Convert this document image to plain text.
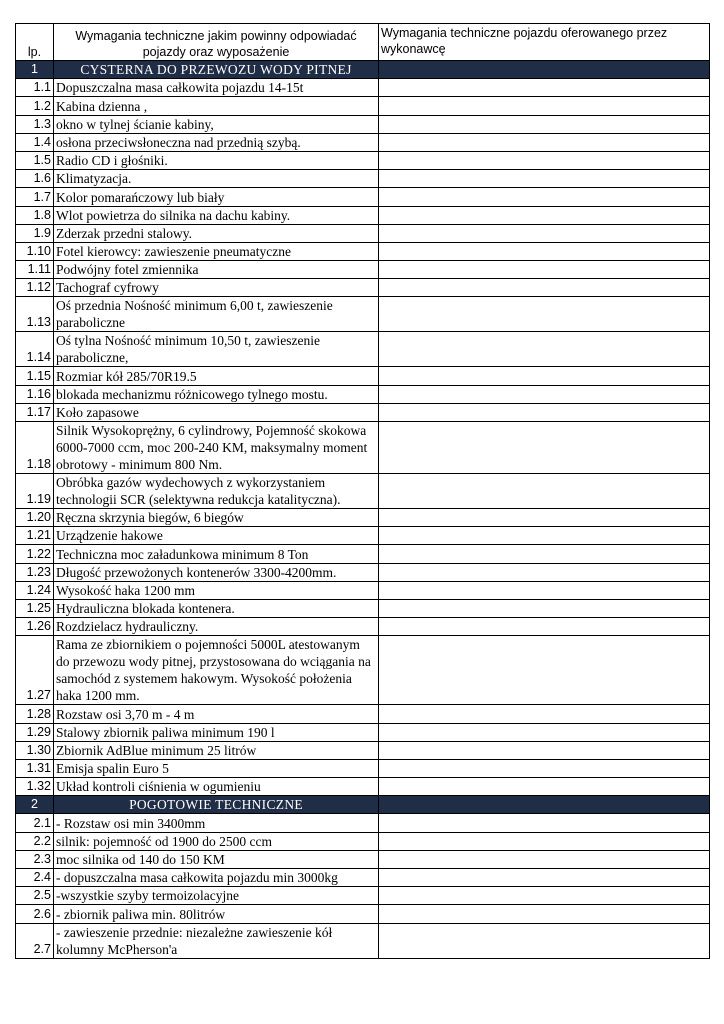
lp.	Wymagania techniczne jakim powinny odpowiadać pojazdy oraz wyposażenie	Wymagania techniczne pojazdu oferowanego przez wykonawcę
1	CYSTERNA DO PRZEWOZU WODY PITNEJ	
1.1	Dopuszczalna masa całkowita pojazdu 14-15t	
1.2	Kabina dzienna ,	
1.3	okno w tylnej ścianie kabiny,	
1.4	osłona przeciwsłoneczna nad przednią szybą.	
1.5	Radio CD i głośniki.	
1.6	Klimatyzacja.	
1.7	Kolor pomarańczowy lub biały	
1.8	Wlot powietrza do silnika na dachu kabiny.	
1.9	Zderzak przedni stalowy.	
1.10	Fotel kierowcy: zawieszenie pneumatyczne	
1.11	Podwójny fotel zmiennika	
1.12	Tachograf cyfrowy	
1.13	Oś przednia Nośność minimum 6,00 t, zawieszenie paraboliczne	
1.14	Oś tylna Nośność minimum 10,50 t, zawieszenie paraboliczne,	
1.15	Rozmiar kół 285/70R19.5	
1.16	blokada mechanizmu różnicowego tylnego mostu.	
1.17	Koło zapasowe	
1.18	Silnik Wysokoprężny, 6 cylindrowy, Pojemność skokowa 6000-7000 ccm, moc 200-240 KM, maksymalny moment obrotowy - minimum 800 Nm.	
1.19	Obróbka gazów wydechowych z wykorzystaniem technologii SCR (selektywna redukcja katalityczna).	
1.20	Ręczna skrzynia biegów, 6 biegów	
1.21	Urządzenie hakowe	
1.22	Techniczna moc załadunkowa minimum 8 Ton	
1.23	Długość przewożonych kontenerów 3300-4200mm.	
1.24	Wysokość haka 1200 mm	
1.25	Hydrauliczna blokada kontenera.	
1.26	Rozdzielacz hydrauliczny.	
1.27	Rama ze zbiornikiem o pojemności 5000L atestowanym do przewozu wody pitnej, przystosowana do wciągania na samochód z systemem hakowym. Wysokość położenia haka 1200 mm.	
1.28	Rozstaw osi 3,70 m - 4 m	
1.29	Stalowy zbiornik paliwa minimum 190 l	
1.30	Zbiornik AdBlue minimum 25 litrów	
1.31	Emisja spalin Euro 5	
1.32	Układ kontroli ciśnienia w ogumieniu	
2	POGOTOWIE TECHNICZNE	
2.1	- Rozstaw osi min 3400mm	
2.2	silnik: pojemność od 1900 do 2500 ccm	
2.3	moc silnika od 140 do 150 KM	
2.4	- dopuszczalna masa całkowita pojazdu min 3000kg	
2.5	-wszystkie szyby termoizolacyjne	
2.6	- zbiornik paliwa min. 80litrów	
2.7	- zawieszenie przednie: niezależne zawieszenie kół kolumny McPherson'a	
